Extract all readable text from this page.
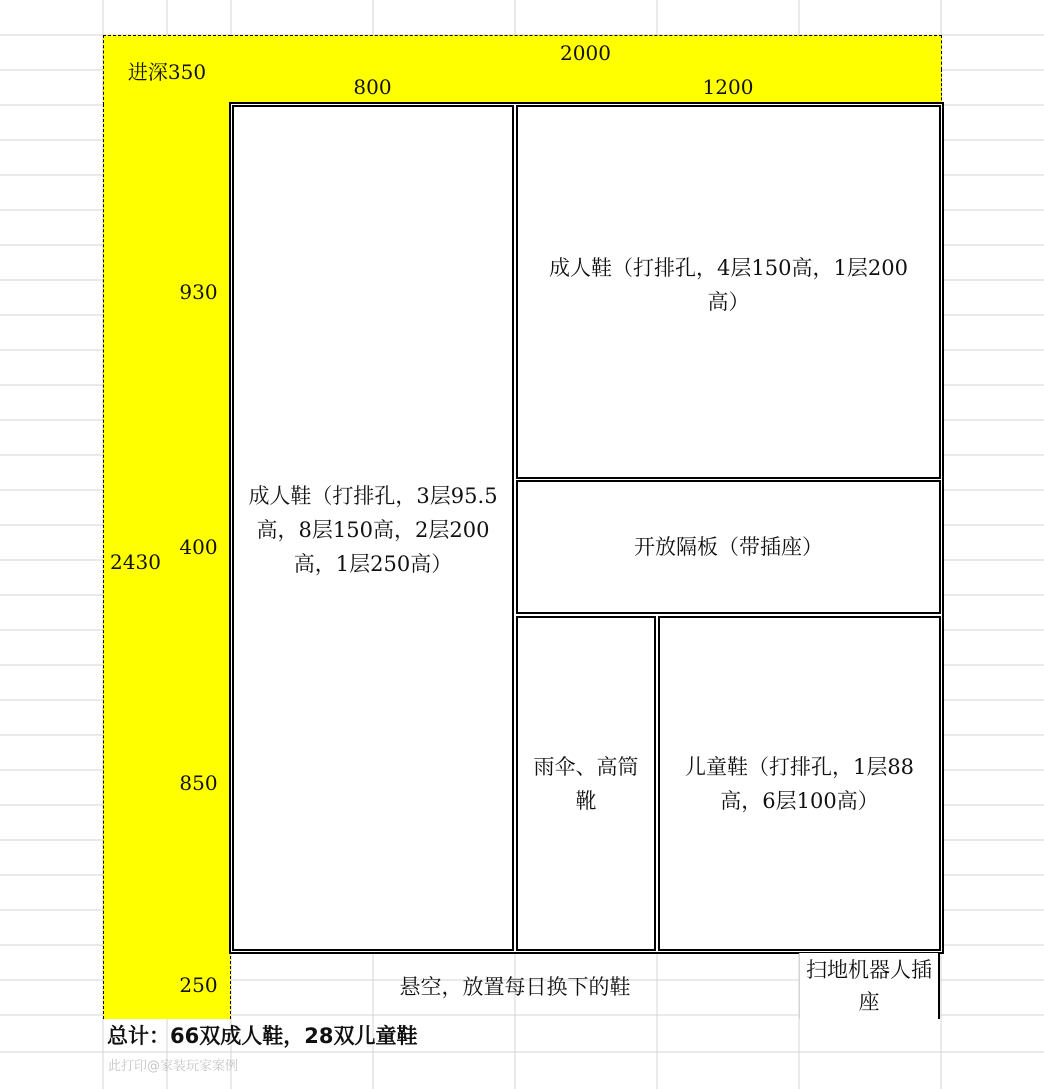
进深350
2000
800	1200
2430
930
400
850
250
成人鞋（打排孔，3层95.5高，8层150高，2层200高，1层250高）
成人鞋（打排孔，4层150高，1层200高）
开放隔板（带插座）
雨伞、高筒靴
儿童鞋（打排孔，1层88高，6层100高）
悬空，放置每日换下的鞋
扫地机器人插座
总计：66双成人鞋，28双儿童鞋
此打印@家装玩家案例
